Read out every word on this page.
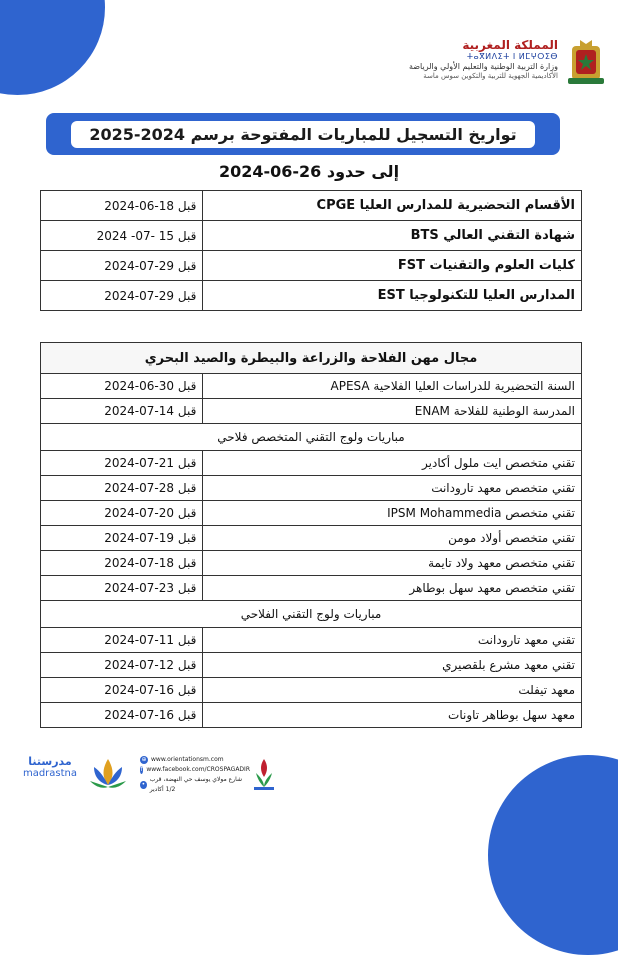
المملكة المغربية
ⵜⴰⴳⵍⴷⵉⵜ ⵏ ⵍⵎⵖⵔⵉⴱ
وزارة التربية الوطنية والتعليم الأولي والرياضة
الأكاديمية الجهوية للتربية والتكوين سوس ماسة
تواريخ التسجيل للمباريات المفتوحة برسم 2024-2025
إلى حدود 26-06-2024
الأقسام التحضيرية للمدارس العليا CPGE	قبل 18-06-2024
شهادة التقني العالي BTS	قبل 15 -07- 2024
كليات العلوم والتقنيات FST	قبل 29-07-2024
المدارس العليا للتكنولوجيا EST	قبل 29-07-2024
مجال مهن الفلاحة والزراعة والبيطرة والصيد البحري	
السنة التحضيرية للدراسات العليا الفلاحية APESA	قبل 30-06-2024
المدرسة الوطنية للفلاحة ENAM	قبل 14-07-2024
مباريات ولوج التقني المتخصص فلاحي	
تقني متخصص ايت ملول أكادير	قبل 21-07-2024
تقني متخصص معهد تارودانت	قبل 28-07-2024
تقني متخصص IPSM Mohammedia	قبل 20-07-2024
تقني متخصص أولاد مومن	قبل 19-07-2024
تقني متخصص معهد ولاد تايمة	قبل 18-07-2024
تقني متخصص معهد سهل بوطاهر	قبل 23-07-2024
مباريات ولوج التقني الفلاحي	
تقني معهد تارودانت	قبل 11-07-2024
تقني معهد مشرع بلقصيري	قبل 12-07-2024
معهد تيفلت	قبل 16-07-2024
معهد سهل بوطاهر تاونات	قبل 16-07-2024
مدرستنا
madrastna
⊕ www.orientationsm.com
f www.facebook.com/CROSPAGADIR
•
شارع مولاي يوسف حي النهضة، قرب 1/2 أكادير
